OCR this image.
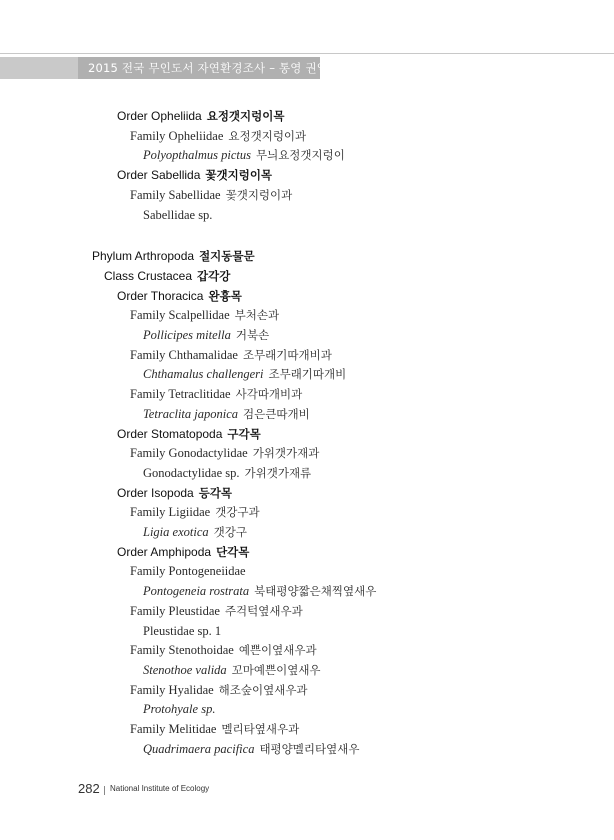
2015 전국 무인도서 자연환경조사 – 통영 권역
Order Opheliida 요정갯지렁이목
Family Opheliidae 요정갯지렁이과
Polyopthalmus pictus 무늬요정갯지렁이
Order Sabellida 꽃갯지렁이목
Family Sabellidae 꽃갯지렁이과
Sabellidae sp.
Phylum Arthropoda 절지동물문
Class Crustacea 갑각강
Order Thoracica 완흉목
Family Scalpellidae 부처손과
Pollicipes mitella 거북손
Family Chthamalidae 조무래기따개비과
Chthamalus challengeri 조무래기따개비
Family Tetraclitidae 사각따개비과
Tetraclita japonica 검은큰따개비
Order Stomatopoda 구각목
Family Gonodactylidae 가위갯가재과
Gonodactylidae sp. 가위갯가재류
Order Isopoda 등각목
Family Ligiidae 갯강구과
Ligia exotica 갯강구
Order Amphipoda 단각목
Family Pontogeneiidae
Pontogeneia rostrata 북태평양짧은채찍옆새우
Family Pleustidae 주걱턱옆새우과
Pleustidae sp. 1
Family Stenothoidae 예쁜이옆새우과
Stenothoe valida 꼬마예쁜이옆새우
Family Hyalidae 해조숲이옆새우과
Protohyale sp.
Family Melitidae 멜리타옆새우과
Quadrimaera pacifica 태평양멜리타옆새우
282 National Institute of Ecology
